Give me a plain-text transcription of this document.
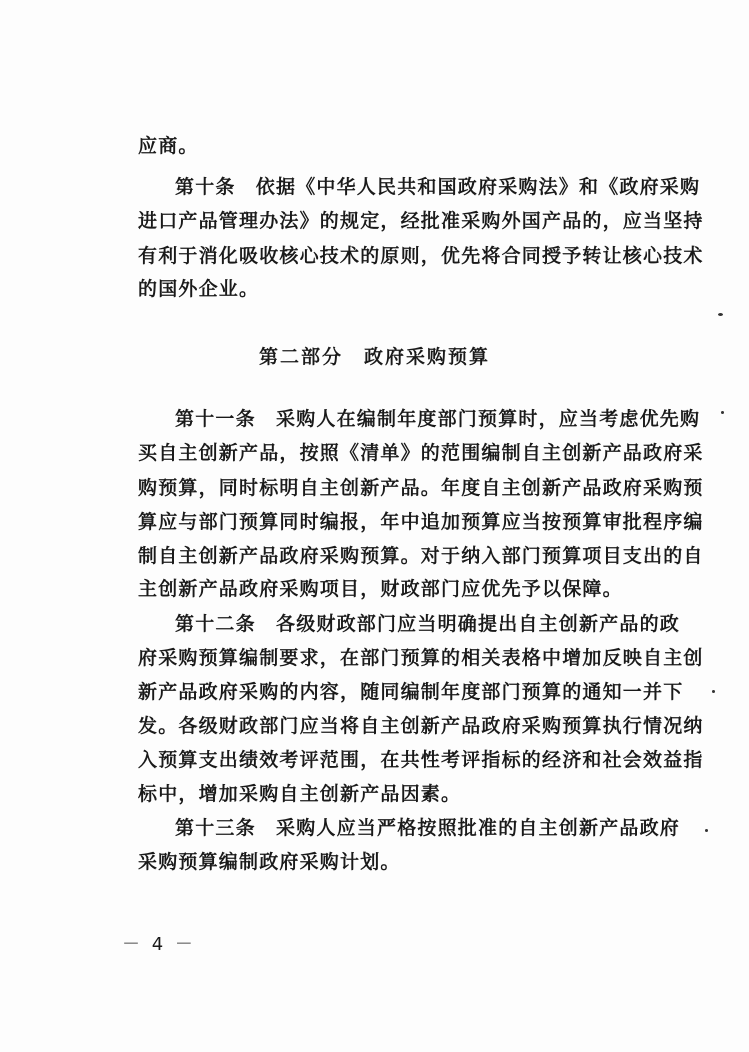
应商。
第十条　依据《中华人民共和国政府采购法》和《政府采购
进口产品管理办法》的规定，经批准采购外国产品的，应当坚持
有利于消化吸收核心技术的原则，优先将合同授予转让核心技术
的国外企业。
第二部分　政府采购预算
第十一条　采购人在编制年度部门预算时，应当考虑优先购
买自主创新产品，按照《清单》的范围编制自主创新产品政府采
购预算，同时标明自主创新产品。年度自主创新产品政府采购预
算应与部门预算同时编报，年中追加预算应当按预算审批程序编
制自主创新产品政府采购预算。对于纳入部门预算项目支出的自
主创新产品政府采购项目，财政部门应优先予以保障。
第十二条　各级财政部门应当明确提出自主创新产品的政
府采购预算编制要求，在部门预算的相关表格中增加反映自主创
新产品政府采购的内容，随同编制年度部门预算的通知一并下
发。各级财政部门应当将自主创新产品政府采购预算执行情况纳
入预算支出绩效考评范围，在共性考评指标的经济和社会效益指
标中，增加采购自主创新产品因素。
第十三条　采购人应当严格按照批准的自主创新产品政府
采购预算编制政府采购计划。
－ 4 －
